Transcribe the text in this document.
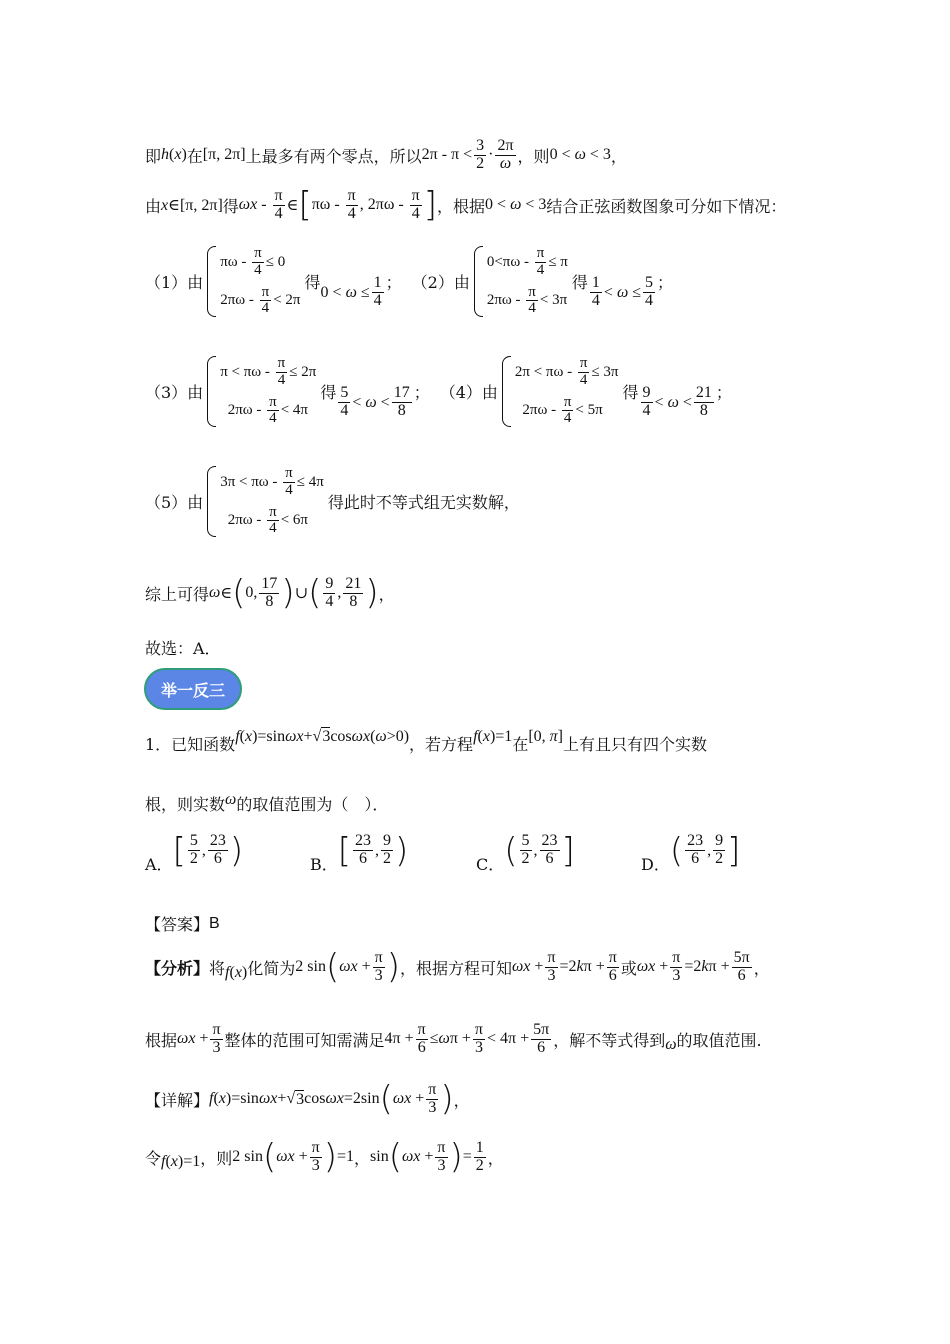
即 h(x) 在 [π, 2π] 上最多有两个零点，所以 $2\pi - \pi < \frac{3}{2} \cdot \frac{2\pi}{\omega}$ ，则 0 < ω < 3 ，
由 x∈[π, 2π] 得 ωx - $\frac{\pi}{4}$ ∈ [ πω - $\frac{\pi}{4}$ , $2\pi\omega - \frac{\pi}{4}$ ] ，根据 0 < ω < 3 结合正弦函数图象可分如下情况：
（1）由
$\pi\omega - \frac{\pi}{4} \le 0$
$2\pi\omega - \frac{\pi}{4} < 2\pi$
得 $0 < \omega \le \frac{1}{4}$ ； （2）由
$0<\pi\omega - \frac{\pi}{4} \le \pi$
$2\pi\omega - \frac{\pi}{4} < 3\pi$
得 $\frac{1}{4} < \omega \le \frac{5}{4}$ ；
（3）由
$\pi < \pi\omega - \frac{\pi}{4} \le 2\pi$
$2\pi\omega - \frac{\pi}{4} < 4\pi$
得 $\frac{5}{4} < \omega < \frac{17}{8}$ ； （4）由
$2\pi < \pi\omega - \frac{\pi}{4} \le 3\pi$
$2\pi\omega - \frac{\pi}{4} < 5\pi$
得 $\frac{9}{4} < \omega < \frac{21}{8}$ ；
（5）由
$3\pi < \pi\omega - \frac{\pi}{4} \le 4\pi$
$2\pi\omega - \frac{\pi}{4} < 6\pi$
得此时不等式组无实数解，
综上可得 ω ∈ ( 0, $\frac{17}{8}$ ) ∪ ( $\frac{9}{4}$ , $\frac{21}{8}$ ) ，
故选：A．
举一反三
1．已知函数 f(x)=sinωx+√3cosωx(ω>0) ，若方程 f(x)=1 在 [0, π] 上有且只有四个实数
根，则实数 ω 的取值范围为（　）．
A． [ $\frac{5}{2}$ , $\frac{23}{6}$ )	B． [ $\frac{23}{6}$ , $\frac{9}{2}$ )	C． ( $\frac{5}{2}$ , $\frac{23}{6}$ ]	D． ( $\frac{23}{6}$ , $\frac{9}{2}$ ]
【答案】 B
【分析】 将 f(x) 化简为 2 sin ( $\omega x + \frac{\pi}{3}$ ) ，根据方程可知 $\omega x + \frac{\pi}{3} =2$ k $\pi + \frac{\pi}{6}$ 或 $\omega x + \frac{\pi}{3} =2$ k $\pi + \frac{5\pi}{6}$ ，
根据 $\omega x + \frac{\pi}{3}$ 整体的范围可知需满足 $4\pi + \frac{\pi}{6} \le \omega$ $\pi + \frac{\pi}{3} < 4\pi + \frac{5\pi}{6}$ ，解不等式得到 ω 的取值范围.
【详解】 f ( x )=sin ωx +√ 3 cos ωx =2sin ( $\omega x + \frac{\pi}{3}$ ) ，
令 f(x)=1 ，则 2 sin ( $\omega x + \frac{\pi}{3}$ ) =1 ， sin ( $\omega x + \frac{\pi}{3}$ ) = $\frac{1}{2}$ ，
